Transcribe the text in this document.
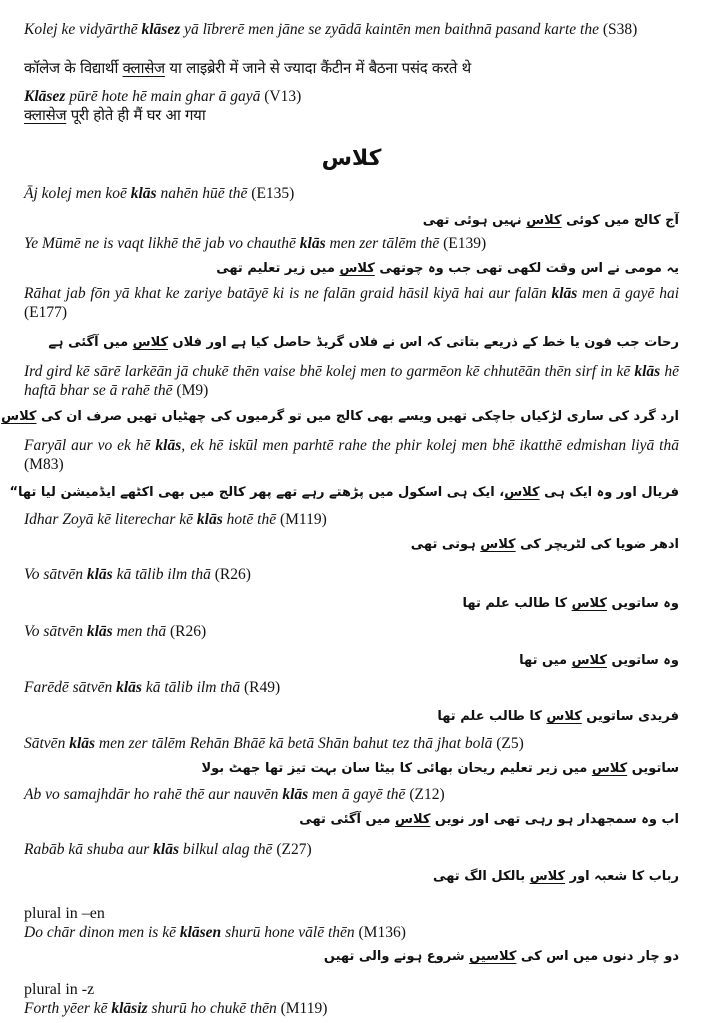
Kolej ke vidyārthē klāsez yā lībrerē men jāne se zyādā kaintēn men baithnā pasand karte the (S38)
कॉलेज के विद्यार्थी क्लासेज या लाइब्रेरी में जाने से ज्यादा कैंटीन में बैठना पसंद करते थे
Klāsez pūrē hote hē main ghar ā gayā (V13)
क्लासेज पूरी होते ही मैं घर आ गया
کلاس
Āj kolej men koē klās nahēn hūē thē (E135)
آج کالج میں کوئی کلاس نہیں ہوئی تھی
Ye Mūmē ne is vaqt likhē thē jab vo chauthē klās men zer tālēm thē (E139)
یہ مومی نے اس وقت لکھی تھی جب وہ چوتھی کلاس میں زیر تعلیم تھی
Rāhat jab fōn yā khat ke zariye batāyē ki is ne falān graid hāsil kiyā hai aur falān klās men ā gayē hai (E177)
رحات جب فون یا خط کے ذریعے بتاتی کہ اس نے فلاں گریڈ حاصل کیا ہے اور فلاں کلاس میں آگئی ہے
Ird gird kē sārē larkēān jā chukē thēn vaise bhē kolej men to garmēon kē chhutēān thēn sirf in kē klās hē haftā bhar se ā rahē thē (M9)
ارد گرد کی ساری لڑکیاں جاچکی تھیں ویسے بھی کالج میں تو گرمیوں کی چھٹیاں تھیں صرف ان کی کلاس
Faryāl aur vo ek hē klās, ek hē iskūl men parhtē rahe the phir kolej men bhē ikatthē edmishan liyā thā (M83)
فریال اور وہ ایک ہی کلاس، ایک ہی اسکول میں پڑھتے رہے تھے پھر کالج میں بھی اکٹھے ایڈمیشن لیا تھا“
Idhar Zoyā kē literechar kē klās hotē thē (M119)
ادھر ضویا کی لٹریچر کی کلاس ہوتی تھی
Vo sātvēn klās kā tālib ilm thā (R26)
وہ ساتویں کلاس کا طالب علم تھا
Vo sātvēn klās men thā (R26)
وہ ساتویں کلاس میں تھا
Farēdē sātvēn klās kā tālib ilm thā (R49)
فریدی ساتویں کلاس کا طالب علم تھا
Sātvēn klās men zer tālēm Rehān Bhāē kā betā Shān bahut tez thā jhat bolā (Z5)
ساتویں کلاس میں زیر تعلیم ریحان بھائی کا بیٹا سان بہت تیز تھا جھٹ بولا
Ab vo samajhdār ho rahē thē aur nauvēn klās men ā gayē thē (Z12)
اب وہ سمجھدار ہو رہی تھی اور نویں کلاس میں آگئی تھی
Rabāb kā shuba aur klās bilkul alag thē (Z27)
رباب کا شعبہ اور کلاس بالکل الگ تھی
plural in –en
Do chār dinon men is kē klāsen shurū hone vālē thēn (M136)
دو چار دنوں میں اس کی کلاسیں شروع ہونے والی تھیں
plural in -z
Forth yēer kē klāsiz shurū ho chukē thēn (M119)
